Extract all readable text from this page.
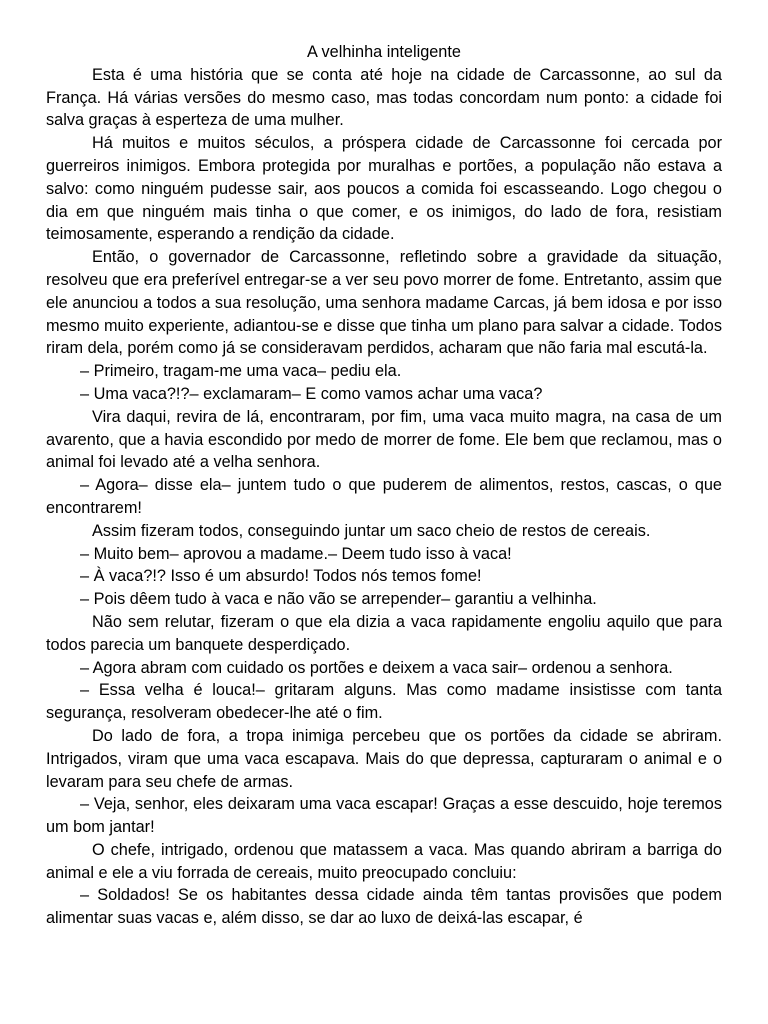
A velhinha inteligente

Esta é uma história que se conta até hoje na cidade de Carcassonne, ao sul da França. Há várias versões do mesmo caso, mas todas concordam num ponto: a cidade foi salva graças à esperteza de uma mulher.

Há muitos e muitos séculos, a próspera cidade de Carcassonne foi cercada por guerreiros inimigos. Embora protegida por muralhas e portões, a população não estava a salvo: como ninguém pudesse sair, aos poucos a comida foi escasseando. Logo chegou o dia em que ninguém mais tinha o que comer, e os inimigos, do lado de fora, resistiam teimosamente, esperando a rendição da cidade.

Então, o governador de Carcassonne, refletindo sobre a gravidade da situação, resolveu que era preferível entregar-se a ver seu povo morrer de fome. Entretanto, assim que ele anunciou a todos a sua resolução, uma senhora madame Carcas, já bem idosa e por isso mesmo muito experiente, adiantou-se e disse que tinha um plano para salvar a cidade. Todos riram dela, porém como já se consideravam perdidos, acharam que não faria mal escutá-la.

– Primeiro, tragam-me uma vaca– pediu ela.

– Uma vaca?!?– exclamaram– E como vamos achar uma vaca?

Vira daqui, revira de lá, encontraram, por fim, uma vaca muito magra, na casa de um avarento, que a havia escondido por medo de morrer de fome. Ele bem que reclamou, mas o animal foi levado até a velha senhora.

– Agora– disse ela– juntem tudo o que puderem de alimentos, restos, cascas, o que encontrarem!

Assim fizeram todos, conseguindo juntar um saco cheio de restos de cereais.

– Muito bem– aprovou a madame.– Deem tudo isso à vaca!

– À vaca?!? Isso é um absurdo! Todos nós temos fome!

– Pois dêem tudo à vaca e não vão se arrepender– garantiu a velhinha.

Não sem relutar, fizeram o que ela dizia a vaca rapidamente engoliu aquilo que para todos parecia um banquete desperdiçado.

– Agora abram com cuidado os portões e deixem a vaca sair– ordenou a senhora.

– Essa velha é louca!– gritaram alguns. Mas como madame insistisse com tanta segurança, resolveram obedecer-lhe até o fim.

Do lado de fora, a tropa inimiga percebeu que os portões da cidade se abriram. Intrigados, viram que uma vaca escapava. Mais do que depressa, capturaram o animal e o levaram para seu chefe de armas.

– Veja, senhor, eles deixaram uma vaca escapar! Graças a esse descuido, hoje teremos um bom jantar!

O chefe, intrigado, ordenou que matassem a vaca. Mas quando abriram a barriga do animal e ele a viu forrada de cereais, muito preocupado concluiu:

– Soldados! Se os habitantes dessa cidade ainda têm tantas provisões que podem alimentar suas vacas e, além disso, se dar ao luxo de deixá-las escapar, é
